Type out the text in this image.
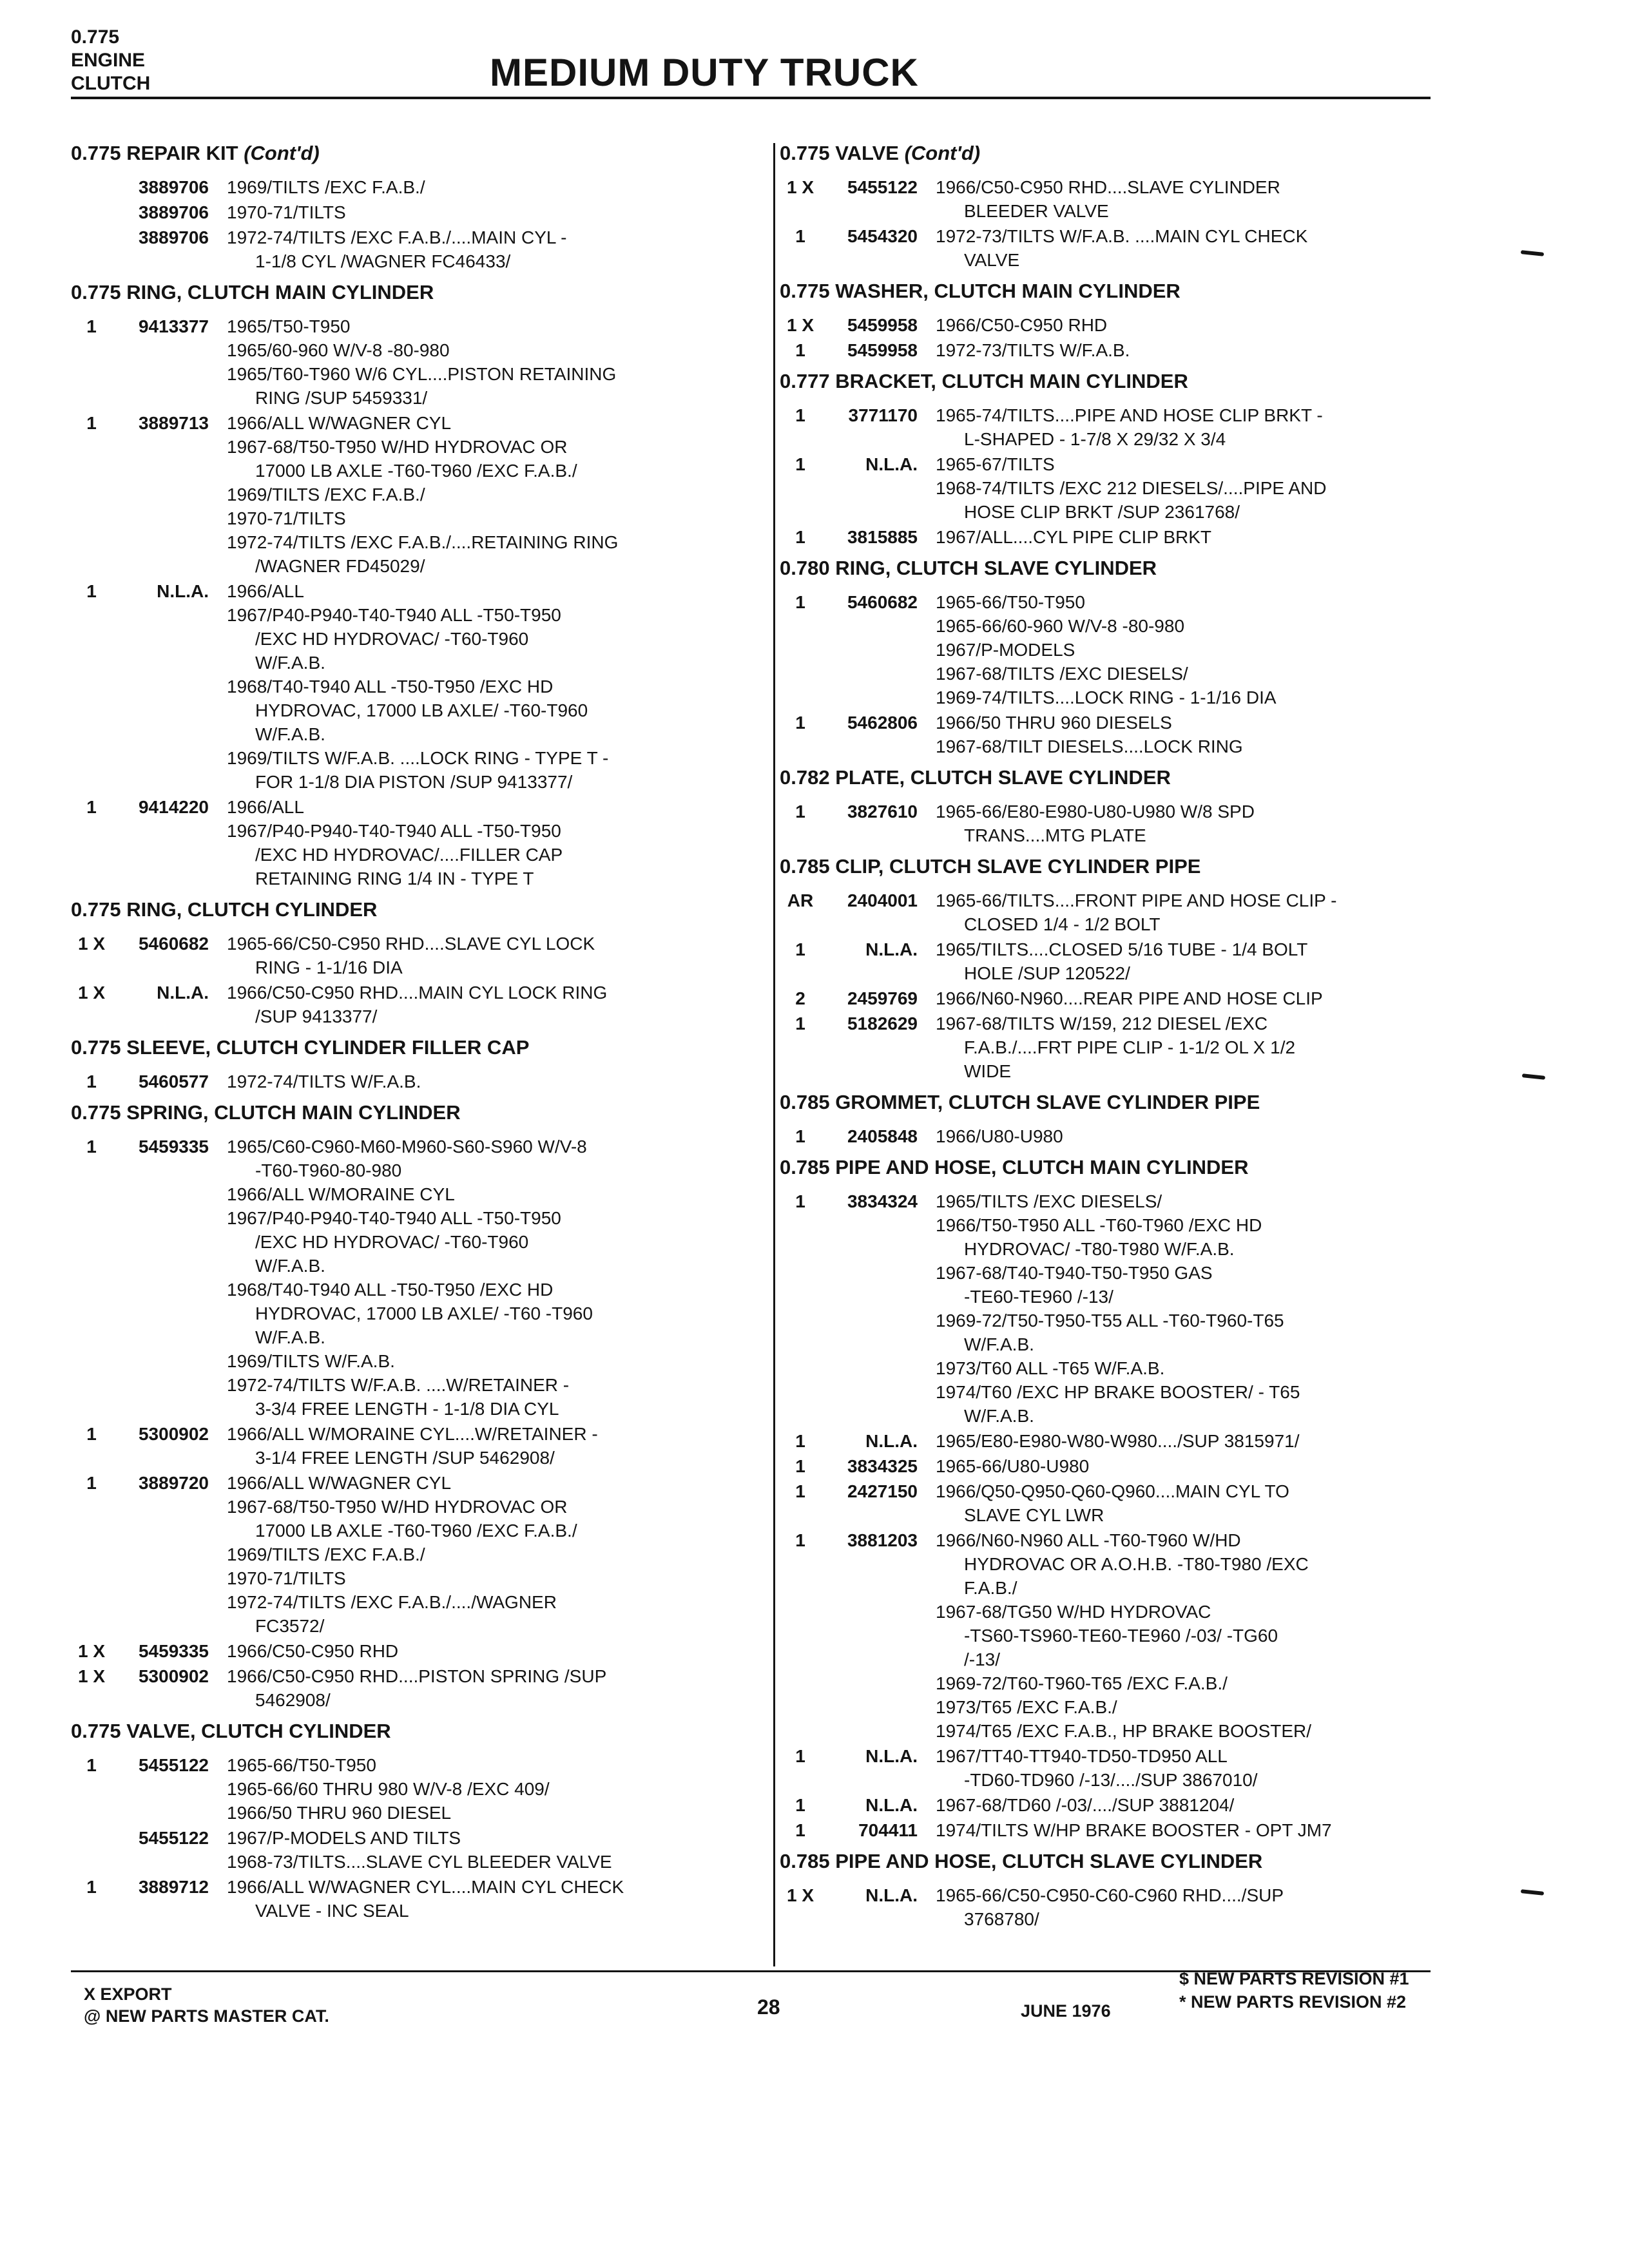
0.775
ENGINE
CLUTCH	MEDIUM DUTY TRUCK
0.775 REPAIR KIT (Cont'd)
3889706	1969/TILTS /EXC F.A.B./
3889706	1970-71/TILTS
3889706	1972-74/TILTS /EXC F.A.B./....MAIN CYL -
1-1/8 CYL /WAGNER FC46433/
0.775 RING, CLUTCH MAIN CYLINDER
1	9413377	1965/T50-T950
1965/60-960 W/V-8 -80-980
1965/T60-T960 W/6 CYL....PISTON RETAINING
RING /SUP 5459331/
1	3889713	1966/ALL W/WAGNER CYL
1967-68/T50-T950 W/HD HYDROVAC OR
17000 LB AXLE -T60-T960 /EXC F.A.B./
1969/TILTS /EXC F.A.B./
1970-71/TILTS
1972-74/TILTS /EXC F.A.B./....RETAINING RING
/WAGNER FD45029/
1	N.L.A.	1966/ALL
1967/P40-P940-T40-T940 ALL -T50-T950
/EXC HD HYDROVAC/ -T60-T960
W/F.A.B.
1968/T40-T940 ALL -T50-T950 /EXC HD
HYDROVAC, 17000 LB AXLE/ -T60-T960
W/F.A.B.
1969/TILTS W/F.A.B. ....LOCK RING - TYPE T -
FOR 1-1/8 DIA PISTON /SUP 9413377/
1	9414220	1966/ALL
1967/P40-P940-T40-T940 ALL -T50-T950
/EXC HD HYDROVAC/....FILLER CAP
RETAINING RING 1/4 IN - TYPE T
0.775 RING, CLUTCH CYLINDER
1 X	5460682	1965-66/C50-C950 RHD....SLAVE CYL LOCK
RING - 1-1/16 DIA
1 X	N.L.A.	1966/C50-C950 RHD....MAIN CYL LOCK RING
/SUP 9413377/
0.775 SLEEVE, CLUTCH CYLINDER FILLER CAP
1	5460577	1972-74/TILTS W/F.A.B.
0.775 SPRING, CLUTCH MAIN CYLINDER
1	5459335	1965/C60-C960-M60-M960-S60-S960 W/V-8
-T60-T960-80-980
1966/ALL W/MORAINE CYL
1967/P40-P940-T40-T940 ALL -T50-T950
/EXC HD HYDROVAC/ -T60-T960
W/F.A.B.
1968/T40-T940 ALL -T50-T950 /EXC HD
HYDROVAC, 17000 LB AXLE/ -T60 -T960
W/F.A.B.
1969/TILTS W/F.A.B.
1972-74/TILTS W/F.A.B. ....W/RETAINER -
3-3/4 FREE LENGTH - 1-1/8 DIA CYL
1	5300902	1966/ALL W/MORAINE CYL....W/RETAINER -
3-1/4 FREE LENGTH /SUP 5462908/
1	3889720	1966/ALL W/WAGNER CYL
1967-68/T50-T950 W/HD HYDROVAC OR
17000 LB AXLE -T60-T960 /EXC F.A.B./
1969/TILTS /EXC F.A.B./
1970-71/TILTS
1972-74/TILTS /EXC F.A.B./..../WAGNER
FC3572/
1 X	5459335	1966/C50-C950 RHD
1 X	5300902	1966/C50-C950 RHD....PISTON SPRING /SUP
5462908/
0.775 VALVE, CLUTCH CYLINDER
1	5455122	1965-66/T50-T950
1965-66/60 THRU 980 W/V-8 /EXC 409/
1966/50 THRU 960 DIESEL
5455122	1967/P-MODELS AND TILTS
1968-73/TILTS....SLAVE CYL BLEEDER VALVE
1	3889712	1966/ALL W/WAGNER CYL....MAIN CYL CHECK
VALVE - INC SEAL
0.775 VALVE (Cont'd)
1 X	5455122	1966/C50-C950 RHD....SLAVE CYLINDER
BLEEDER VALVE
1	5454320	1972-73/TILTS W/F.A.B. ....MAIN CYL CHECK
VALVE
0.775 WASHER, CLUTCH MAIN CYLINDER
1 X	5459958	1966/C50-C950 RHD
1	5459958	1972-73/TILTS W/F.A.B.
0.777 BRACKET, CLUTCH MAIN CYLINDER
1	3771170	1965-74/TILTS....PIPE AND HOSE CLIP BRKT -
L-SHAPED - 1-7/8 X 29/32 X 3/4
1	N.L.A.	1965-67/TILTS
1968-74/TILTS /EXC 212 DIESELS/....PIPE AND
HOSE CLIP BRKT /SUP 2361768/
1	3815885	1967/ALL....CYL PIPE CLIP BRKT
0.780 RING, CLUTCH SLAVE CYLINDER
1	5460682	1965-66/T50-T950
1965-66/60-960 W/V-8 -80-980
1967/P-MODELS
1967-68/TILTS /EXC DIESELS/
1969-74/TILTS....LOCK RING - 1-1/16 DIA
1	5462806	1966/50 THRU 960 DIESELS
1967-68/TILT DIESELS....LOCK RING
0.782 PLATE, CLUTCH SLAVE CYLINDER
1	3827610	1965-66/E80-E980-U80-U980 W/8 SPD
TRANS....MTG PLATE
0.785 CLIP, CLUTCH SLAVE CYLINDER PIPE
AR	2404001	1965-66/TILTS....FRONT PIPE AND HOSE CLIP -
CLOSED 1/4 - 1/2 BOLT
1	N.L.A.	1965/TILTS....CLOSED 5/16 TUBE - 1/4 BOLT
HOLE /SUP 120522/
2	2459769	1966/N60-N960....REAR PIPE AND HOSE CLIP
1	5182629	1967-68/TILTS W/159, 212 DIESEL /EXC
F.A.B./....FRT PIPE CLIP - 1-1/2 OL X 1/2
WIDE
0.785 GROMMET, CLUTCH SLAVE CYLINDER PIPE
1	2405848	1966/U80-U980
0.785 PIPE AND HOSE, CLUTCH MAIN CYLINDER
1	3834324	1965/TILTS /EXC DIESELS/
1966/T50-T950 ALL -T60-T960 /EXC HD
HYDROVAC/ -T80-T980 W/F.A.B.
1967-68/T40-T940-T50-T950 GAS
-TE60-TE960 /-13/
1969-72/T50-T950-T55 ALL -T60-T960-T65
W/F.A.B.
1973/T60 ALL -T65 W/F.A.B.
1974/T60 /EXC HP BRAKE BOOSTER/ - T65
W/F.A.B.
1	N.L.A.	1965/E80-E980-W80-W980..../SUP 3815971/
1	3834325	1965-66/U80-U980
1	2427150	1966/Q50-Q950-Q60-Q960....MAIN CYL TO
SLAVE CYL LWR
1	3881203	1966/N60-N960 ALL -T60-T960 W/HD
HYDROVAC OR A.O.H.B. -T80-T980 /EXC
F.A.B./
1967-68/TG50 W/HD HYDROVAC
-TS60-TS960-TE60-TE960 /-03/ -TG60
/-13/
1969-72/T60-T960-T65 /EXC F.A.B./
1973/T65 /EXC F.A.B./
1974/T65 /EXC F.A.B., HP BRAKE BOOSTER/
1	N.L.A.	1967/TT40-TT940-TD50-TD950 ALL
-TD60-TD960 /-13/..../SUP 3867010/
1	N.L.A.	1967-68/TD60 /-03/..../SUP 3881204/
1	704411	1974/TILTS W/HP BRAKE BOOSTER - OPT JM7
0.785 PIPE AND HOSE, CLUTCH SLAVE CYLINDER
1 X	N.L.A.	1965-66/C50-C950-C60-C960 RHD..../SUP
3768780/
X EXPORT
@ NEW PARTS MASTER CAT.	28	JUNE 1976
$ NEW PARTS REVISION #1
* NEW PARTS REVISION #2
